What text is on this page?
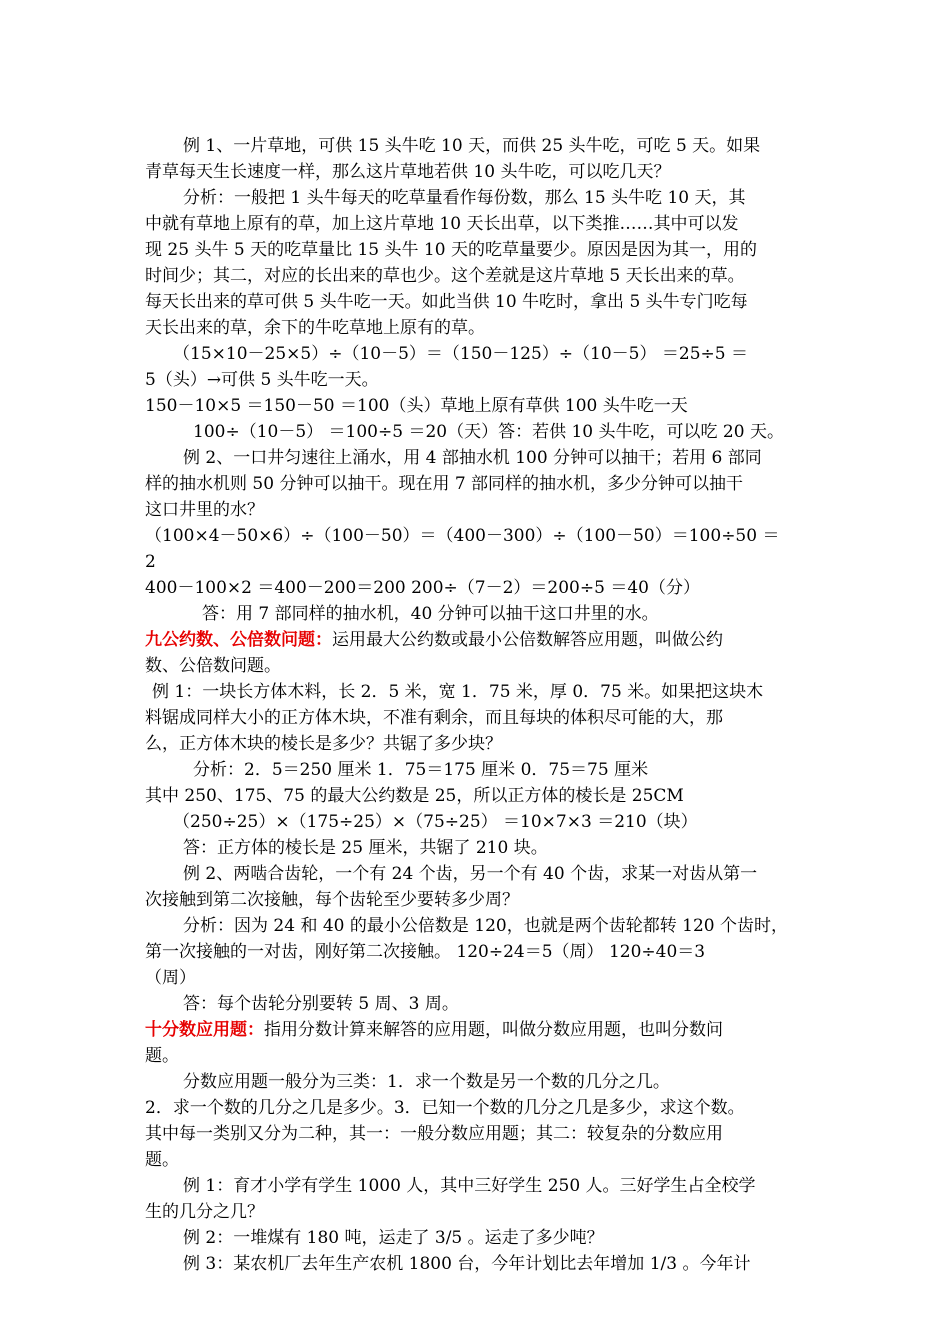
例 1、一片草地，可供 15 头牛吃 10 天，而供 25 头牛吃，可吃 5 天。如果
青草每天生长速度一样，那么这片草地若供 10 头牛吃，可以吃几天？
分析：一般把 1 头牛每天的吃草量看作每份数，那么 15 头牛吃 10 天，其
中就有草地上原有的草，加上这片草地 10 天长出草，以下类推……其中可以发
现 25 头牛 5 天的吃草量比 15 头牛 10 天的吃草量要少。原因是因为其一，用的
时间少；其二，对应的长出来的草也少。这个差就是这片草地 5 天长出来的草。
每天长出来的草可供 5 头牛吃一天。如此当供 10 牛吃时，拿出 5 头牛专门吃每
天长出来的草，余下的牛吃草地上原有的草。
（15×10－25×5）÷（10－5）＝（150－125）÷（10－5） ＝25÷5 ＝
5（头）→可供 5 头牛吃一天。
150－10×5 ＝150－50 ＝100（头）草地上原有草供 100 头牛吃一天
100÷（10－5） ＝100÷5 ＝20（天）答：若供 10 头牛吃，可以吃 20 天。
例 2、一口井匀速往上涌水，用 4 部抽水机 100 分钟可以抽干；若用 6 部同
样的抽水机则 50 分钟可以抽干。现在用 7 部同样的抽水机，多少分钟可以抽干
这口井里的水？
（100×4－50×6）÷（100－50）＝（400－300）÷（100－50）＝100÷50 ＝
2
400－100×2 ＝400－200＝200 200÷（7－2）＝200÷5 ＝40（分）
答：用 7 部同样的抽水机，40 分钟可以抽干这口井里的水。
九公约数、公倍数问题：运用最大公约数或最小公倍数解答应用题，叫做公约
数、公倍数问题。
例 1：一块长方体木料，长 2．5 米，宽 1．75 米，厚 0．75 米。如果把这块木
料锯成同样大小的正方体木块，不准有剩余，而且每块的体积尽可能的大，那
么，正方体木块的棱长是多少？共锯了多少块？
分析：2．5＝250 厘米 1．75＝175 厘米 0．75＝75 厘米
其中 250、175、75 的最大公约数是 25，所以正方体的棱长是 25CM
（250÷25）×（175÷25）×（75÷25） ＝10×7×3 ＝210（块）
答：正方体的棱长是 25 厘米，共锯了 210 块。
例 2、两啮合齿轮，一个有 24 个齿，另一个有 40 个齿，求某一对齿从第一
次接触到第二次接触，每个齿轮至少要转多少周？
分析：因为 24 和 40 的最小公倍数是 120，也就是两个齿轮都转 120 个齿时，
第一次接触的一对齿，刚好第二次接触。 120÷24＝5（周） 120÷40＝3
（周）
答：每个齿轮分别要转 5 周、3 周。
十分数应用题：指用分数计算来解答的应用题，叫做分数应用题，也叫分数问
题。
分数应用题一般分为三类：1．求一个数是另一个数的几分之几。
2．求一个数的几分之几是多少。3．已知一个数的几分之几是多少，求这个数。
其中每一类别又分为二种，其一：一般分数应用题；其二：较复杂的分数应用
题。
例 1：育才小学有学生 1000 人，其中三好学生 250 人。三好学生占全校学
生的几分之几？
例 2：一堆煤有 180 吨，运走了 3/5 。运走了多少吨？
例 3：某农机厂去年生产农机 1800 台，今年计划比去年增加 1/3 。今年计
